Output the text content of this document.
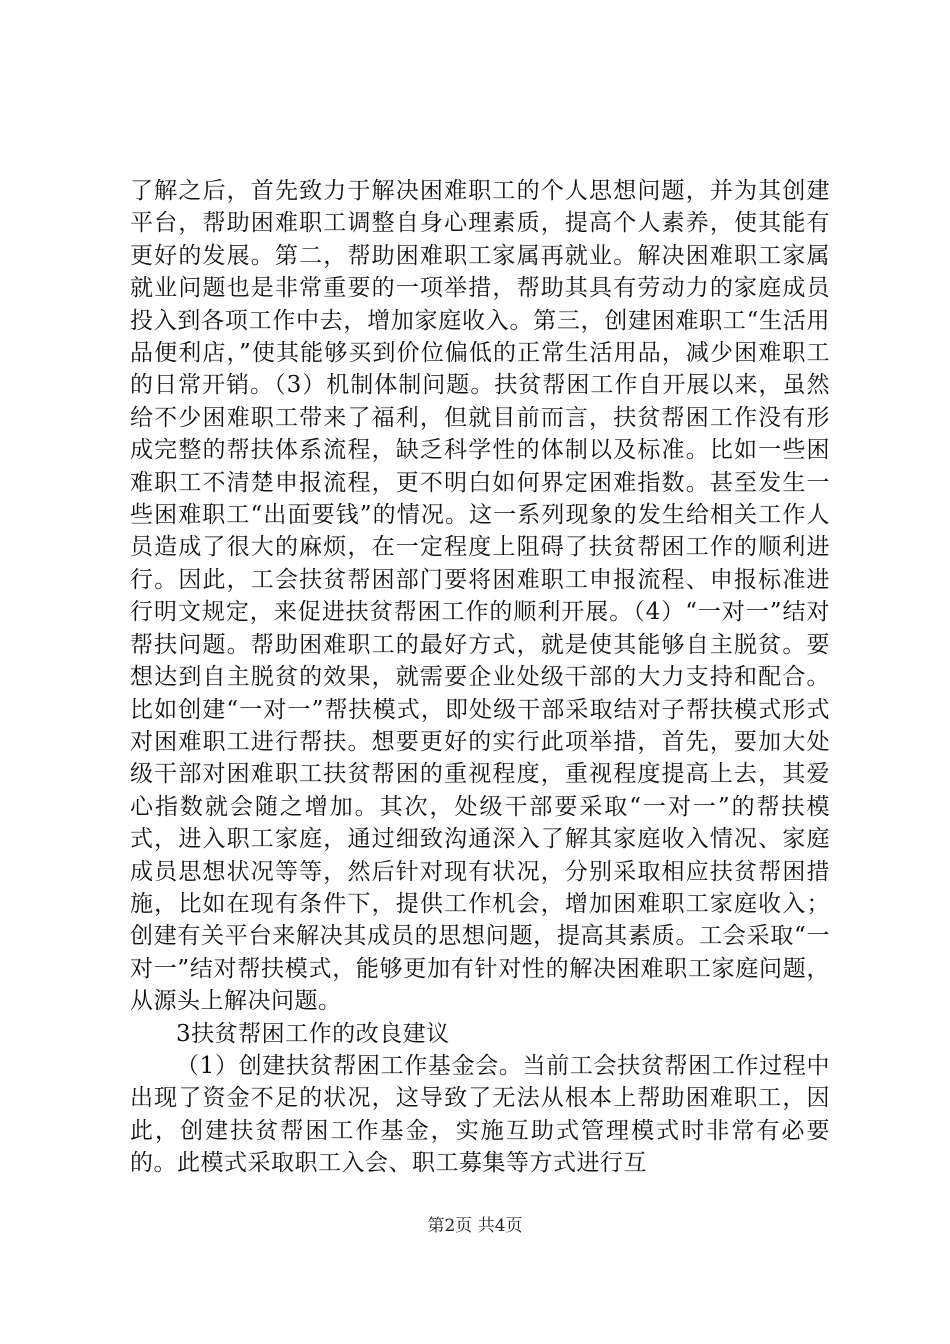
了解之后，首先致力于解决困难职工的个人思想问题，并为其创建平台，帮助困难职工调整自身心理素质，提高个人素养，使其能有更好的发展。第二，帮助困难职工家属再就业。解决困难职工家属就业问题也是非常重要的一项举措，帮助其具有劳动力的家庭成员投入到各项工作中去，增加家庭收入。第三，创建困难职工“生活用品便利店，”使其能够买到价位偏低的正常生活用品，减少困难职工的日常开销。（3）机制体制问题。扶贫帮困工作自开展以来，虽然给不少困难职工带来了福利，但就目前而言，扶贫帮困工作没有形成完整的帮扶体系流程，缺乏科学性的体制以及标准。比如一些困难职工不清楚申报流程，更不明白如何界定困难指数。甚至发生一些困难职工“出面要钱”的情况。这一系列现象的发生给相关工作人员造成了很大的麻烦，在一定程度上阻碍了扶贫帮困工作的顺利进行。因此，工会扶贫帮困部门要将困难职工申报流程、申报标准进行明文规定，来促进扶贫帮困工作的顺利开展。（4）“一对一”结对帮扶问题。帮助困难职工的最好方式，就是使其能够自主脱贫。要想达到自主脱贫的效果，就需要企业处级干部的大力支持和配合。比如创建“一对一”帮扶模式，即处级干部采取结对子帮扶模式形式对困难职工进行帮扶。想要更好的实行此项举措，首先，要加大处级干部对困难职工扶贫帮困的重视程度，重视程度提高上去，其爱心指数就会随之增加。其次，处级干部要采取“一对一”的帮扶模式，进入职工家庭，通过细致沟通深入了解其家庭收入情况、家庭成员思想状况等等，然后针对现有状况，分别采取相应扶贫帮困措施，比如在现有条件下，提供工作机会，增加困难职工家庭收入；创建有关平台来解决其成员的思想问题，提高其素质。工会采取“一对一”结对帮扶模式，能够更加有针对性的解决困难职工家庭问题，从源头上解决问题。

3扶贫帮困工作的改良建议

（1）创建扶贫帮困工作基金会。当前工会扶贫帮困工作过程中出现了资金不足的状况，这导致了无法从根本上帮助困难职工，因此，创建扶贫帮困工作基金，实施互助式管理模式时非常有必要的。此模式采取职工入会、职工募集等方式进行互

第2页 共4页
